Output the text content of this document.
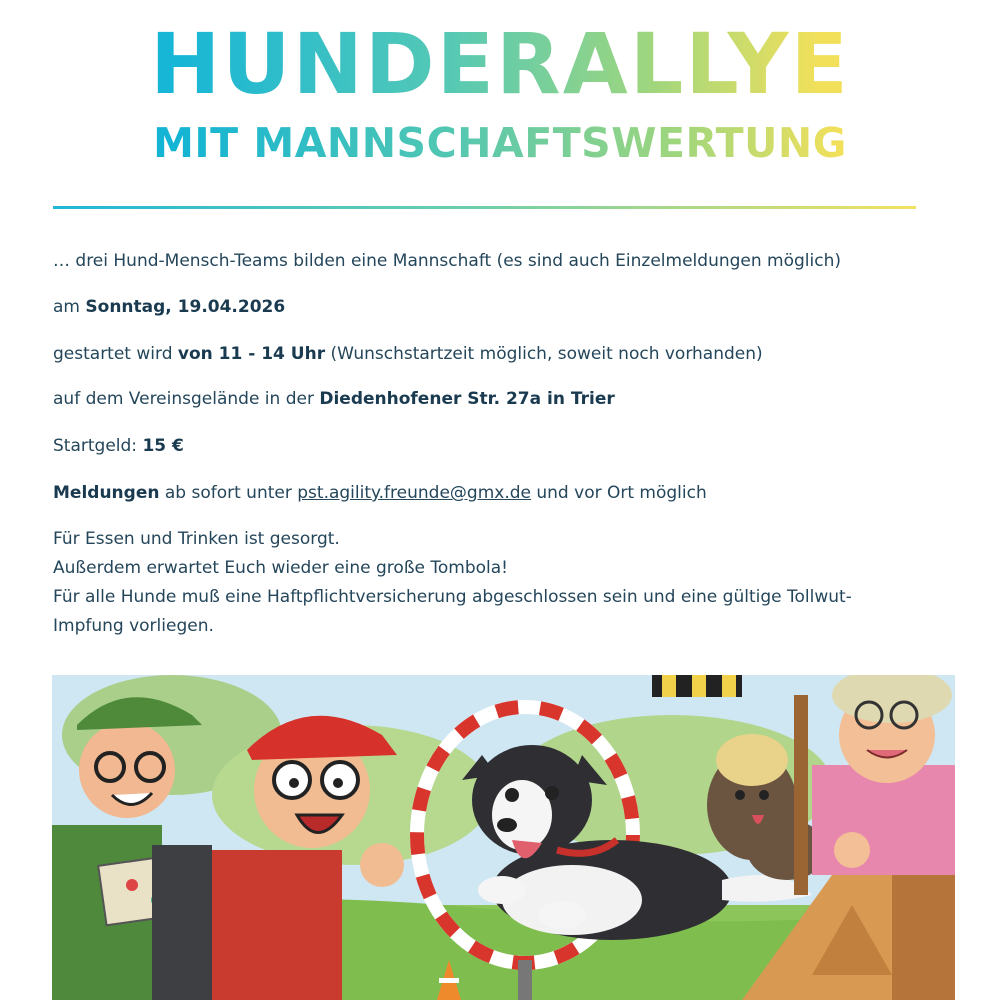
HUNDERALLYE
MIT MANNSCHAFTSWERTUNG
… drei Hund-Mensch-Teams bilden eine Mannschaft (es sind auch Einzelmeldungen möglich)
am Sonntag, 19.04.2026
gestartet wird von 11 - 14 Uhr (Wunschstartzeit möglich, soweit noch vorhanden)
auf dem Vereinsgelände in der Diedenhofener Str. 27a in Trier
Startgeld: 15 €
Meldungen ab sofort unter pst.agility.freunde@gmx.de und vor Ort möglich
Für Essen und Trinken ist gesorgt.
Außerdem erwartet Euch wieder eine große Tombola!
Für alle Hunde muß eine Haftpflichtversicherung abgeschlossen sein und eine gültige Tollwut-
Impfung vorliegen.
